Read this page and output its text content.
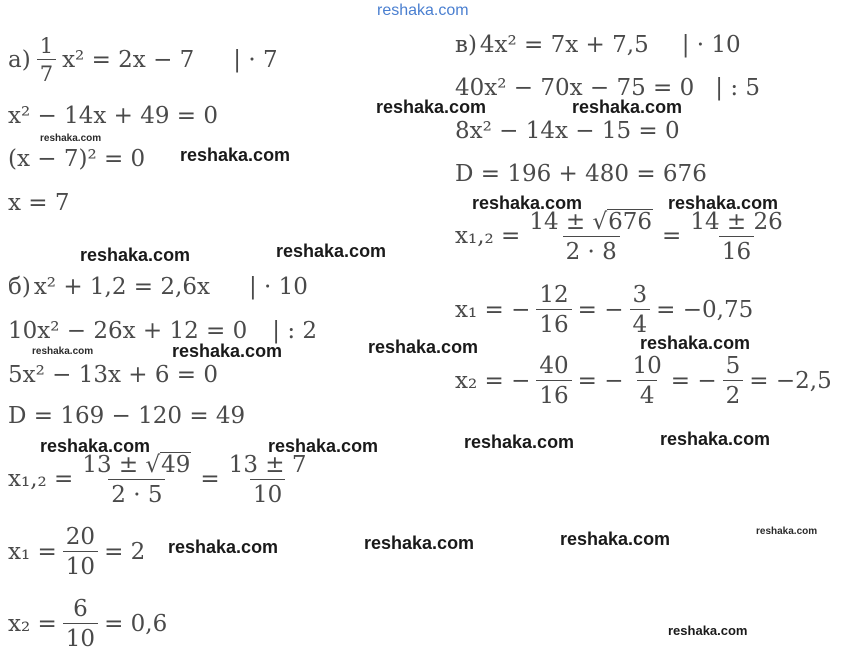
reshaka.com
$а) \frac{1}{7} x^2 = 2x - 7$ | · 7
x² − 14x + 49 = 0
(x − 7)² = 0
x = 7
б) x² + 1,2 = 2,6x | · 10
10x² − 26x + 12 = 0 | : 2
5x² − 13x + 6 = 0
D = 169 − 120 = 49
$x_1,_2 = \frac{13 \pm √ 49}{2 \cdot 5} = \frac{13 \pm 7}{10}$
$x_1 = \frac{20}{10} = 2$
$x_2 = \frac{6}{10} = 0,6$
в) 4x² = 7x + 7,5 | · 10
40x² − 70x − 75 = 0 | : 5
8x² − 14x − 15 = 0
D = 196 + 480 = 676
$x_1,_2 = \frac{14 \pm √ 676}{2 \cdot 8} = \frac{14 \pm 26}{16}$
x₁ = − $\frac{12}{16}$ = − $\frac{3}{4} = -0,75$
x₂ = − $\frac{40}{16}$ = − $\frac{10}{4}$ = − $\frac{5}{2} = -2,5$
reshaka.com	reshaka.com
reshaka.com
reshaka.com
reshaka.com	reshaka.com
reshaka.com	reshaka.com
reshaka.com	reshaka.com	reshaka.com	reshaka.com
reshaka.com	reshaka.com	reshaka.com	reshaka.com
reshaka.com
reshaka.com	reshaka.com	reshaka.com
reshaka.com
